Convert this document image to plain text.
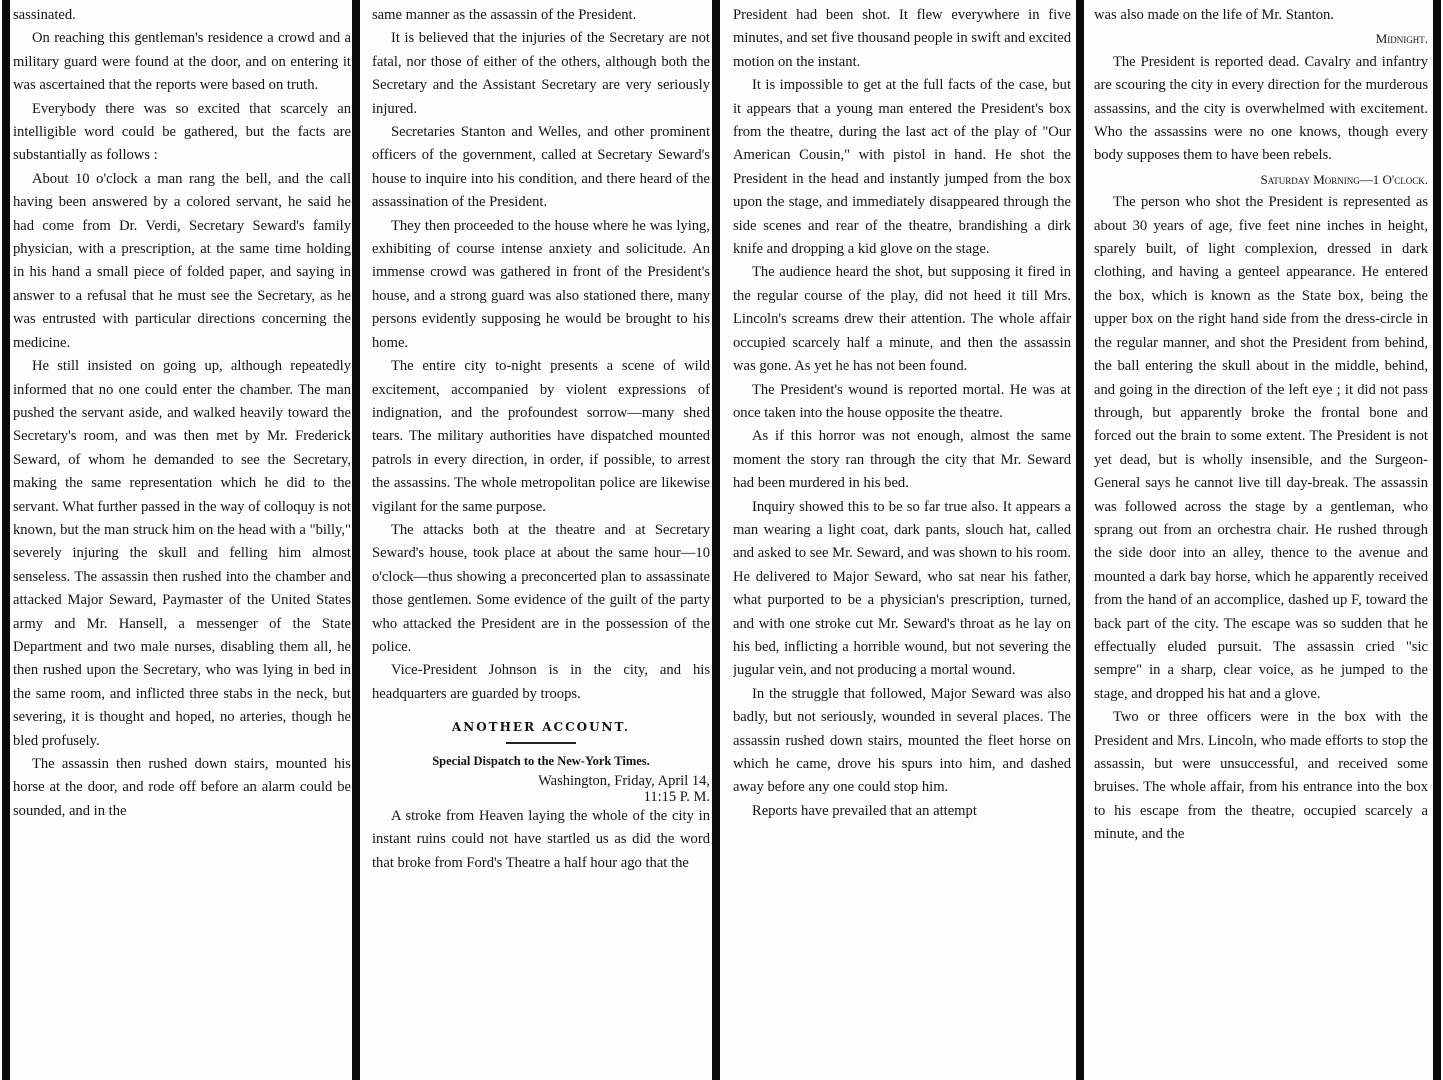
sassinated.

On reaching this gentleman's residence a crowd and a military guard were found at the door, and on entering it was ascertained that the reports were based on truth.

Everybody there was so excited that scarcely an intelligible word could be gathered, but the facts are substantially as follows :

About 10 o'clock a man rang the bell, and the call having been answered by a colored servant, he said he had come from Dr. Verdi, Secretary Seward's family physician, with a prescription, at the same time holding in his hand a small piece of folded paper, and saying in answer to a refusal that he must see the Secretary, as he was entrusted with particular directions concerning the medicine.

He still insisted on going up, although repeatedly informed that no one could enter the chamber. The man pushed the servant aside, and walked heavily toward the Secretary's room, and was then met by Mr. Frederick Seward, of whom he demanded to see the Secretary, making the same representation which he did to the servant. What further passed in the way of colloquy is not known, but the man struck him on the head with a "billy," severely injuring the skull and felling him almost senseless. The assassin then rushed into the chamber and attacked Major Seward, Paymaster of the United States army and Mr. Hansell, a messenger of the State Department and two male nurses, disabling them all, he then rushed upon the Secretary, who was lying in bed in the same room, and inflicted three stabs in the neck, but severing, it is thought and hoped, no arteries, though he bled profusely.

The assassin then rushed down stairs, mounted his horse at the door, and rode off before an alarm could be sounded, and in the

same manner as the assassin of the President.

It is believed that the injuries of the Secretary are not fatal, nor those of either of the others, although both the Secretary and the Assistant Secretary are very seriously injured.

Secretaries Stanton and Welles, and other prominent officers of the government, called at Secretary Seward's house to inquire into his condition, and there heard of the assassination of the President.

They then proceeded to the house where he was lying, exhibiting of course intense anxiety and solicitude. An immense crowd was gathered in front of the President's house, and a strong guard was also stationed there, many persons evidently supposing he would be brought to his home.

The entire city to-night presents a scene of wild excitement, accompanied by violent expressions of indignation, and the profoundest sorrow—many shed tears. The military authorities have dispatched mounted patrols in every direction, in order, if possible, to arrest the assassins. The whole metropolitan police are likewise vigilant for the same purpose.

The attacks both at the theatre and at Secretary Seward's house, took place at about the same hour—10 o'clock—thus showing a preconcerted plan to assassinate those gentlemen. Some evidence of the guilt of the party who attacked the President are in the possession of the police.

Vice-President Johnson is in the city, and his headquarters are guarded by troops.

ANOTHER ACCOUNT.

Special Dispatch to the New-York Times.

Washington, Friday, April 14,

11:15 P. M.

A stroke from Heaven laying the whole of the city in instant ruins could not have startled us as did the word that broke from Ford's Theatre a half hour ago that the

President had been shot. It flew everywhere in five minutes, and set five thousand people in swift and excited motion on the instant.

It is impossible to get at the full facts of the case, but it appears that a young man entered the President's box from the theatre, during the last act of the play of "Our American Cousin," with pistol in hand. He shot the President in the head and instantly jumped from the box upon the stage, and immediately disappeared through the side scenes and rear of the theatre, brandishing a dirk knife and dropping a kid glove on the stage.

The audience heard the shot, but supposing it fired in the regular course of the play, did not heed it till Mrs. Lincoln's screams drew their attention. The whole affair occupied scarcely half a minute, and then the assassin was gone. As yet he has not been found.

The President's wound is reported mortal. He was at once taken into the house opposite the theatre.

As if this horror was not enough, almost the same moment the story ran through the city that Mr. Seward had been murdered in his bed.

Inquiry showed this to be so far true also. It appears a man wearing a light coat, dark pants, slouch hat, called and asked to see Mr. Seward, and was shown to his room. He delivered to Major Seward, who sat near his father, what purported to be a physician's prescription, turned, and with one stroke cut Mr. Seward's throat as he lay on his bed, inflicting a horrible wound, but not severing the jugular vein, and not producing a mortal wound.

In the struggle that followed, Major Seward was also badly, but not seriously, wounded in several places. The assassin rushed down stairs, mounted the fleet horse on which he came, drove his spurs into him, and dashed away before any one could stop him.

Reports have prevailed that an attempt

was also made on the life of Mr. Stanton.

Midnight.

The President is reported dead. Cavalry and infantry are scouring the city in every direction for the murderous assassins, and the city is overwhelmed with excitement. Who the assassins were no one knows, though every body supposes them to have been rebels.

Saturday Morning—1 O'clock.

The person who shot the President is represented as about 30 years of age, five feet nine inches in height, sparely built, of light complexion, dressed in dark clothing, and having a genteel appearance. He entered the box, which is known as the State box, being the upper box on the right hand side from the dress-circle in the regular manner, and shot the President from behind, the ball entering the skull about in the middle, behind, and going in the direction of the left eye ; it did not pass through, but apparently broke the frontal bone and forced out the brain to some extent. The President is not yet dead, but is wholly insensible, and the Surgeon-General says he cannot live till day-break. The assassin was followed across the stage by a gentleman, who sprang out from an orchestra chair. He rushed through the side door into an alley, thence to the avenue and mounted a dark bay horse, which he apparently received from the hand of an accomplice, dashed up F, toward the back part of the city. The escape was so sudden that he effectually eluded pursuit. The assassin cried "sic sempre" in a sharp, clear voice, as he jumped to the stage, and dropped his hat and a glove.

Two or three officers were in the box with the President and Mrs. Lincoln, who made efforts to stop the assassin, but were unsuccessful, and received some bruises. The whole affair, from his entrance into the box to his escape from the theatre, occupied scarcely a minute, and the
